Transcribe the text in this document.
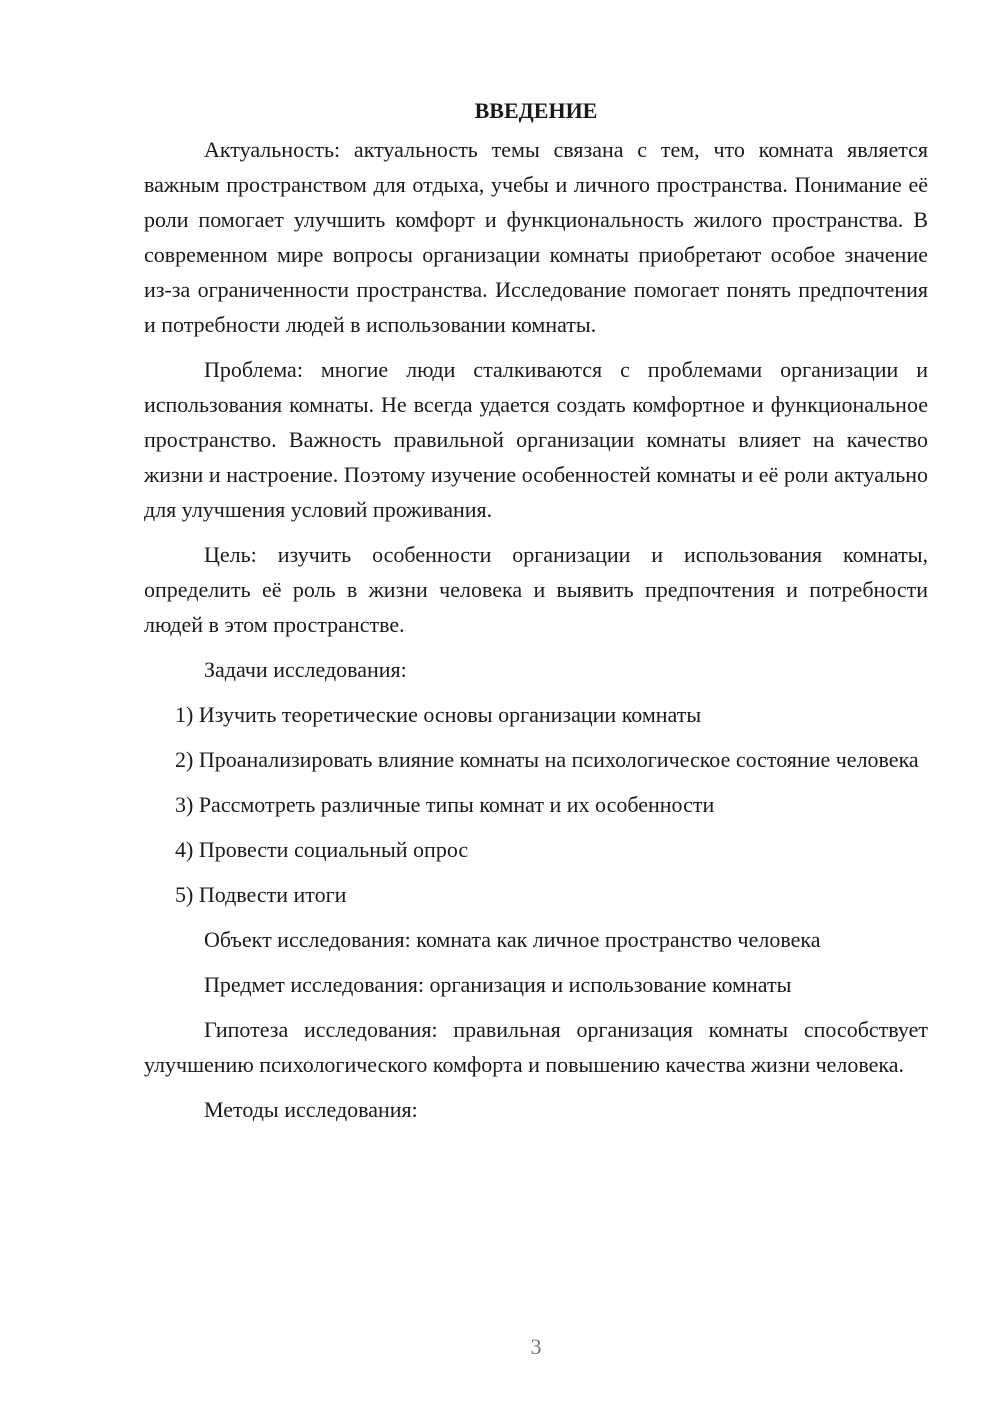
ВВЕДЕНИЕ

Актуальность: актуальность темы связана с тем, что комната является важным пространством для отдыха, учебы и личного пространства. Понимание её роли помогает улучшить комфорт и функциональность жилого пространства. В современном мире вопросы организации комнаты приобретают особое значение из-за ограниченности пространства. Исследование помогает понять предпочтения и потребности людей в использовании комнаты.

Проблема: многие люди сталкиваются с проблемами организации и использования комнаты. Не всегда удается создать комфортное и функциональное пространство. Важность правильной организации комнаты влияет на качество жизни и настроение. Поэтому изучение особенностей комнаты и её роли актуально для улучшения условий проживания.

Цель: изучить особенности организации и использования комнаты, определить её роль в жизни человека и выявить предпочтения и потребности людей в этом пространстве.

Задачи исследования:

1) Изучить теоретические основы организации комнаты

2) Проанализировать влияние комнаты на психологическое состояние человека

3) Рассмотреть различные типы комнат и их особенности

4) Провести социальный опрос

5) Подвести итоги

Объект исследования: комната как личное пространство человека

Предмет исследования: организация и использование комнаты

Гипотеза исследования: правильная организация комнаты способствует улучшению психологического комфорта и повышению качества жизни человека.

Методы исследования:

3
